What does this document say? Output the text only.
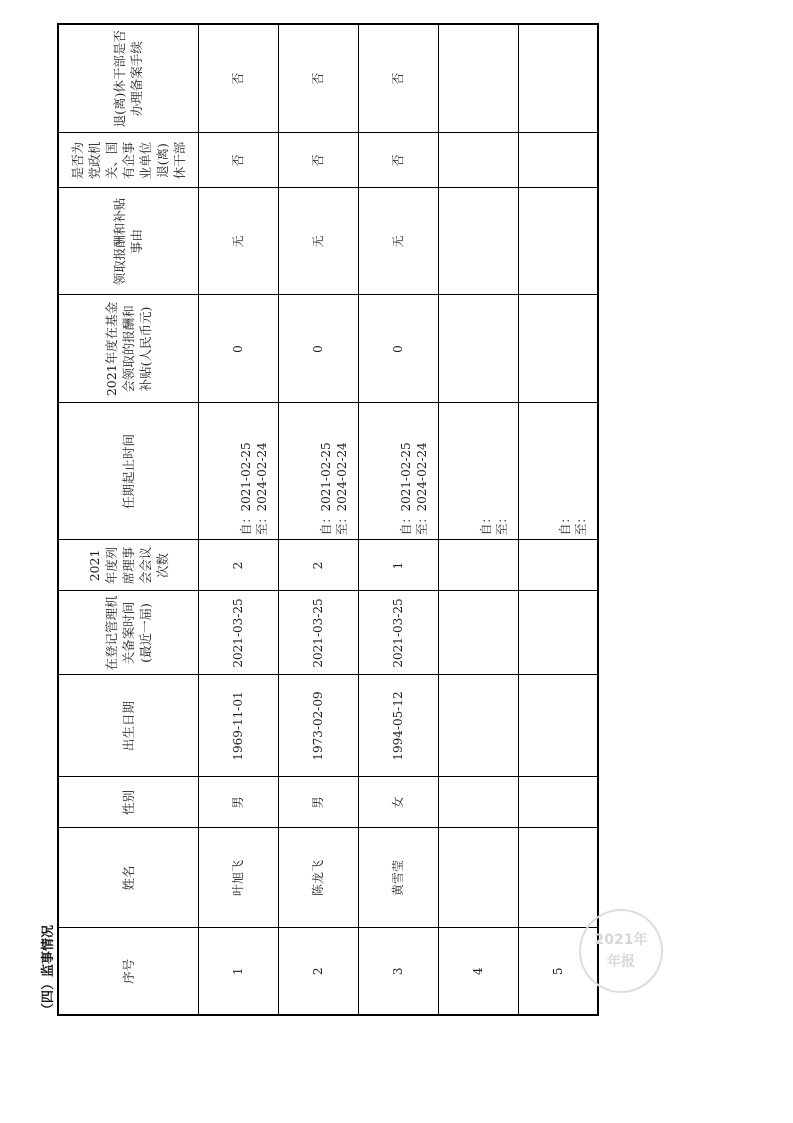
（四）监事情况	序号	姓名	性别	出生日期	在登记管理机关备案时间(最近一届)	2021年度列席理事会会议次数	任期起止时间	2021年度在基金会领取的报酬和补贴(人民币元)	领取报酬和补贴事由	是否为党政机关、国有企事业单位退(离)休干部	退(离)休干部是否办理备案手续
1	叶旭飞	男	1969-11-01	2021-03-25	2	自：2021-02-25 至：2024-02-24	0	无	否	否
2	陈龙飞	男	1973-02-09	2021-03-25	2	自：2021-02-25 至：2024-02-24	0	无	否	否
3	黄雪莹	女	1994-05-12	2021-03-25	1	自：2021-02-25 至：2024-02-24	0	无	否	否
4						自： 至：				

5						自： 至：				

2021年
年报
